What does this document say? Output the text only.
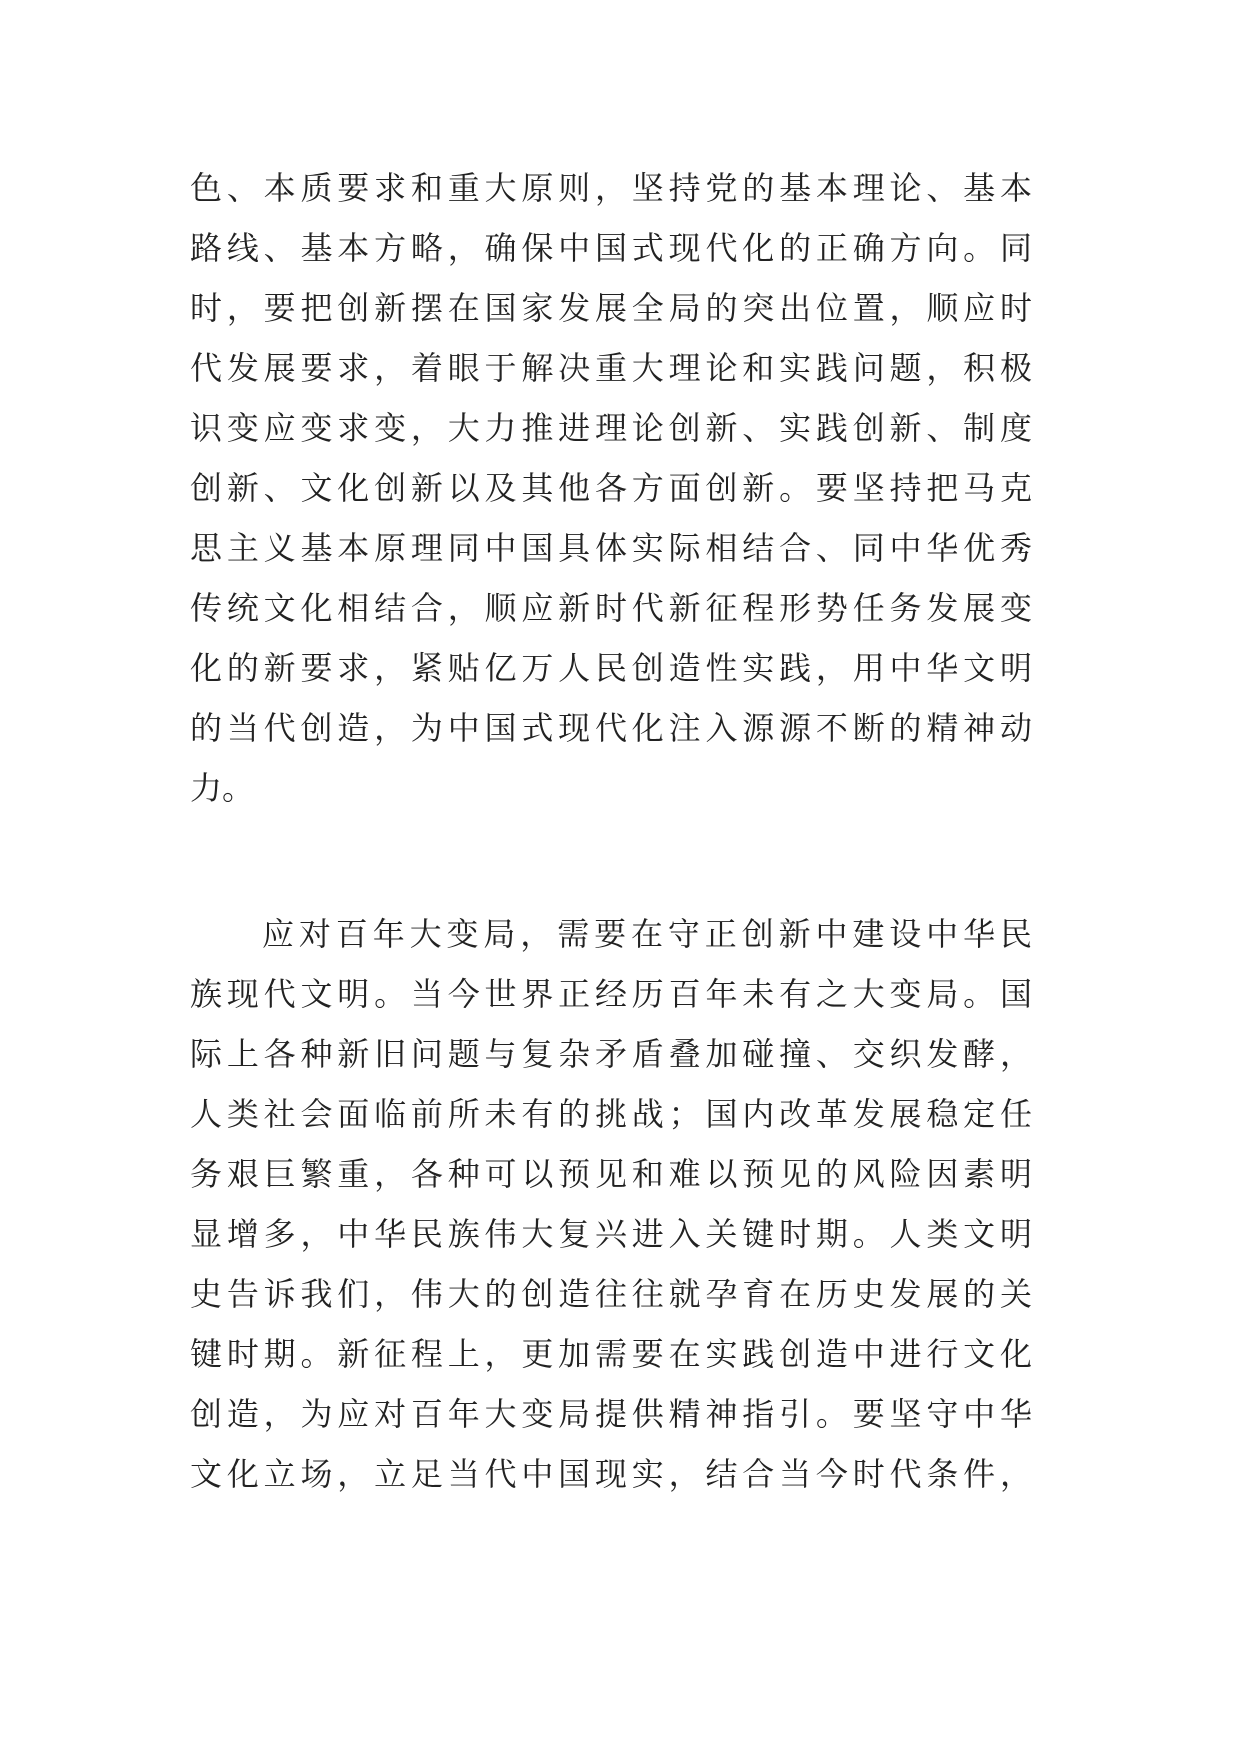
色、本质要求和重大原则，坚持党的基本理论、基本
路线、基本方略，确保中国式现代化的正确方向。同
时，要把创新摆在国家发展全局的突出位置，顺应时
代发展要求，着眼于解决重大理论和实践问题，积极
识变应变求变，大力推进理论创新、实践创新、制度
创新、文化创新以及其他各方面创新。要坚持把马克
思主义基本原理同中国具体实际相结合、同中华优秀
传统文化相结合，顺应新时代新征程形势任务发展变
化的新要求，紧贴亿万人民创造性实践，用中华文明
的当代创造，为中国式现代化注入源源不断的精神动
力。
应对百年大变局，需要在守正创新中建设中华民
族现代文明。当今世界正经历百年未有之大变局。国
际上各种新旧问题与复杂矛盾叠加碰撞、交织发酵，
人类社会面临前所未有的挑战；国内改革发展稳定任
务艰巨繁重，各种可以预见和难以预见的风险因素明
显增多，中华民族伟大复兴进入关键时期。人类文明
史告诉我们，伟大的创造往往就孕育在历史发展的关
键时期。新征程上，更加需要在实践创造中进行文化
创造，为应对百年大变局提供精神指引。要坚守中华
文化立场，立足当代中国现实，结合当今时代条件，
